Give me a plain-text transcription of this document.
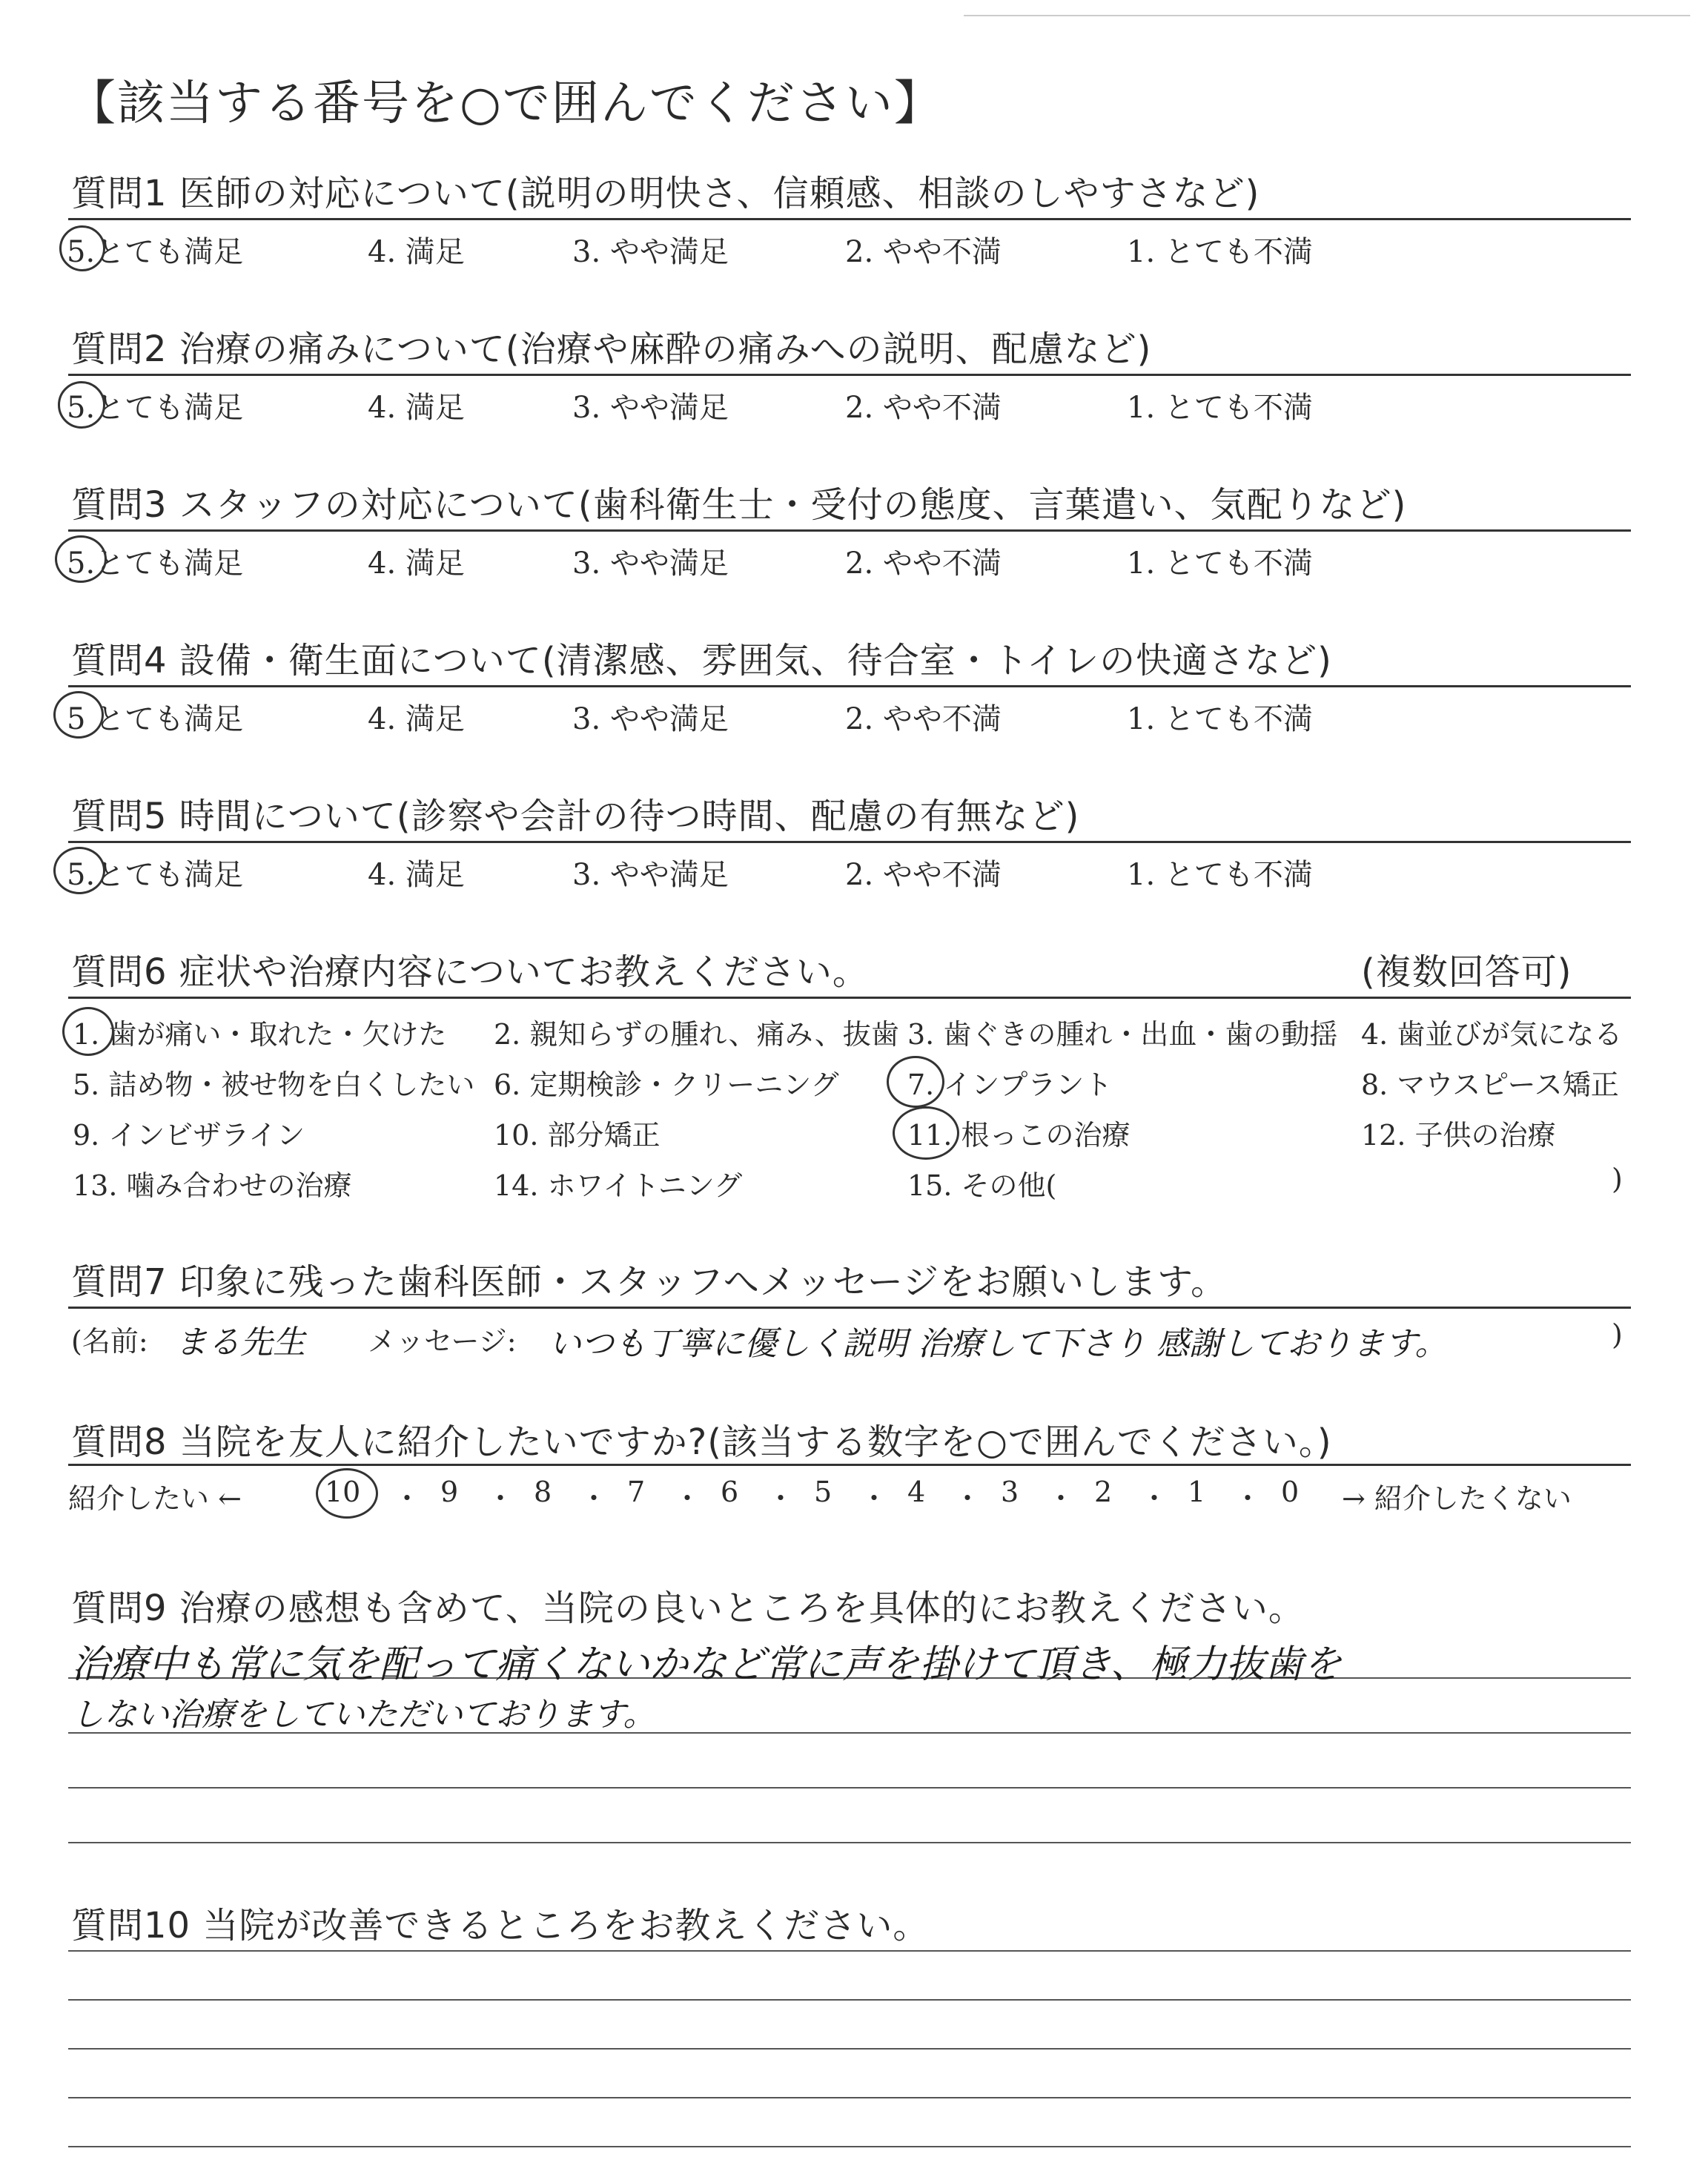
【該当する番号を○で囲んでください】
質問1 医師の対応について(説明の明快さ、信頼感、相談のしやすさなど)
5.とても満足	4. 満足	3. やや満足	2. やや不満	1. とても不満
質問2 治療の痛みについて(治療や麻酔の痛みへの説明、配慮など)
5.とても満足	4. 満足	3. やや満足	2. やや不満	1. とても不満
質問3 スタッフの対応について(歯科衛生士・受付の態度、言葉遣い、気配りなど)
5.とても満足	4. 満足	3. やや満足	2. やや不満	1. とても不満
質問4 設備・衛生面について(清潔感、雰囲気、待合室・トイレの快適さなど)
5 とても満足	4. 満足	3. やや満足	2. やや不満	1. とても不満
質問5 時間について(診察や会計の待つ時間、配慮の有無など)
5.とても満足	4. 満足	3. やや満足	2. やや不満	1. とても不満
質問6 症状や治療内容についてお教えください。	(複数回答可)
1. 歯が痛い・取れた・欠けた 2. 親知らずの腫れ、痛み、抜歯 3. 歯ぐきの腫れ・出血・歯の動揺 4. 歯並びが気になる
5. 詰め物・被せ物を白くしたい 6. 定期検診・クリーニング 7. インプラント	8. マウスピース矯正
9. インビザライン	10. 部分矯正	11. 根っこの治療	12. 子供の治療
13. 噛み合わせの治療	14. ホワイトニング	15. その他(	)
質問7 印象に残った歯科医師・スタッフへメッセージをお願いします。
(名前: まる先生 メッセージ: いつも丁寧に優しく説明 治療して下さり 感謝しております。	)
質問8 当院を友人に紹介したいですか?(該当する数字を○で囲んでください。)
紹介したい ←	10 ・ 9 ・ 8 ・ 7 ・ 6 ・ 5 ・ 4 ・ 3 ・ 2 ・ 1 ・ 0 → 紹介したくない
質問9 治療の感想も含めて、当院の良いところを具体的にお教えください。
治療中も常に気を配って痛くないかなど常に声を掛けて頂き、極力抜歯を
しない治療をしていただいております。
質問10 当院が改善できるところをお教えください。
